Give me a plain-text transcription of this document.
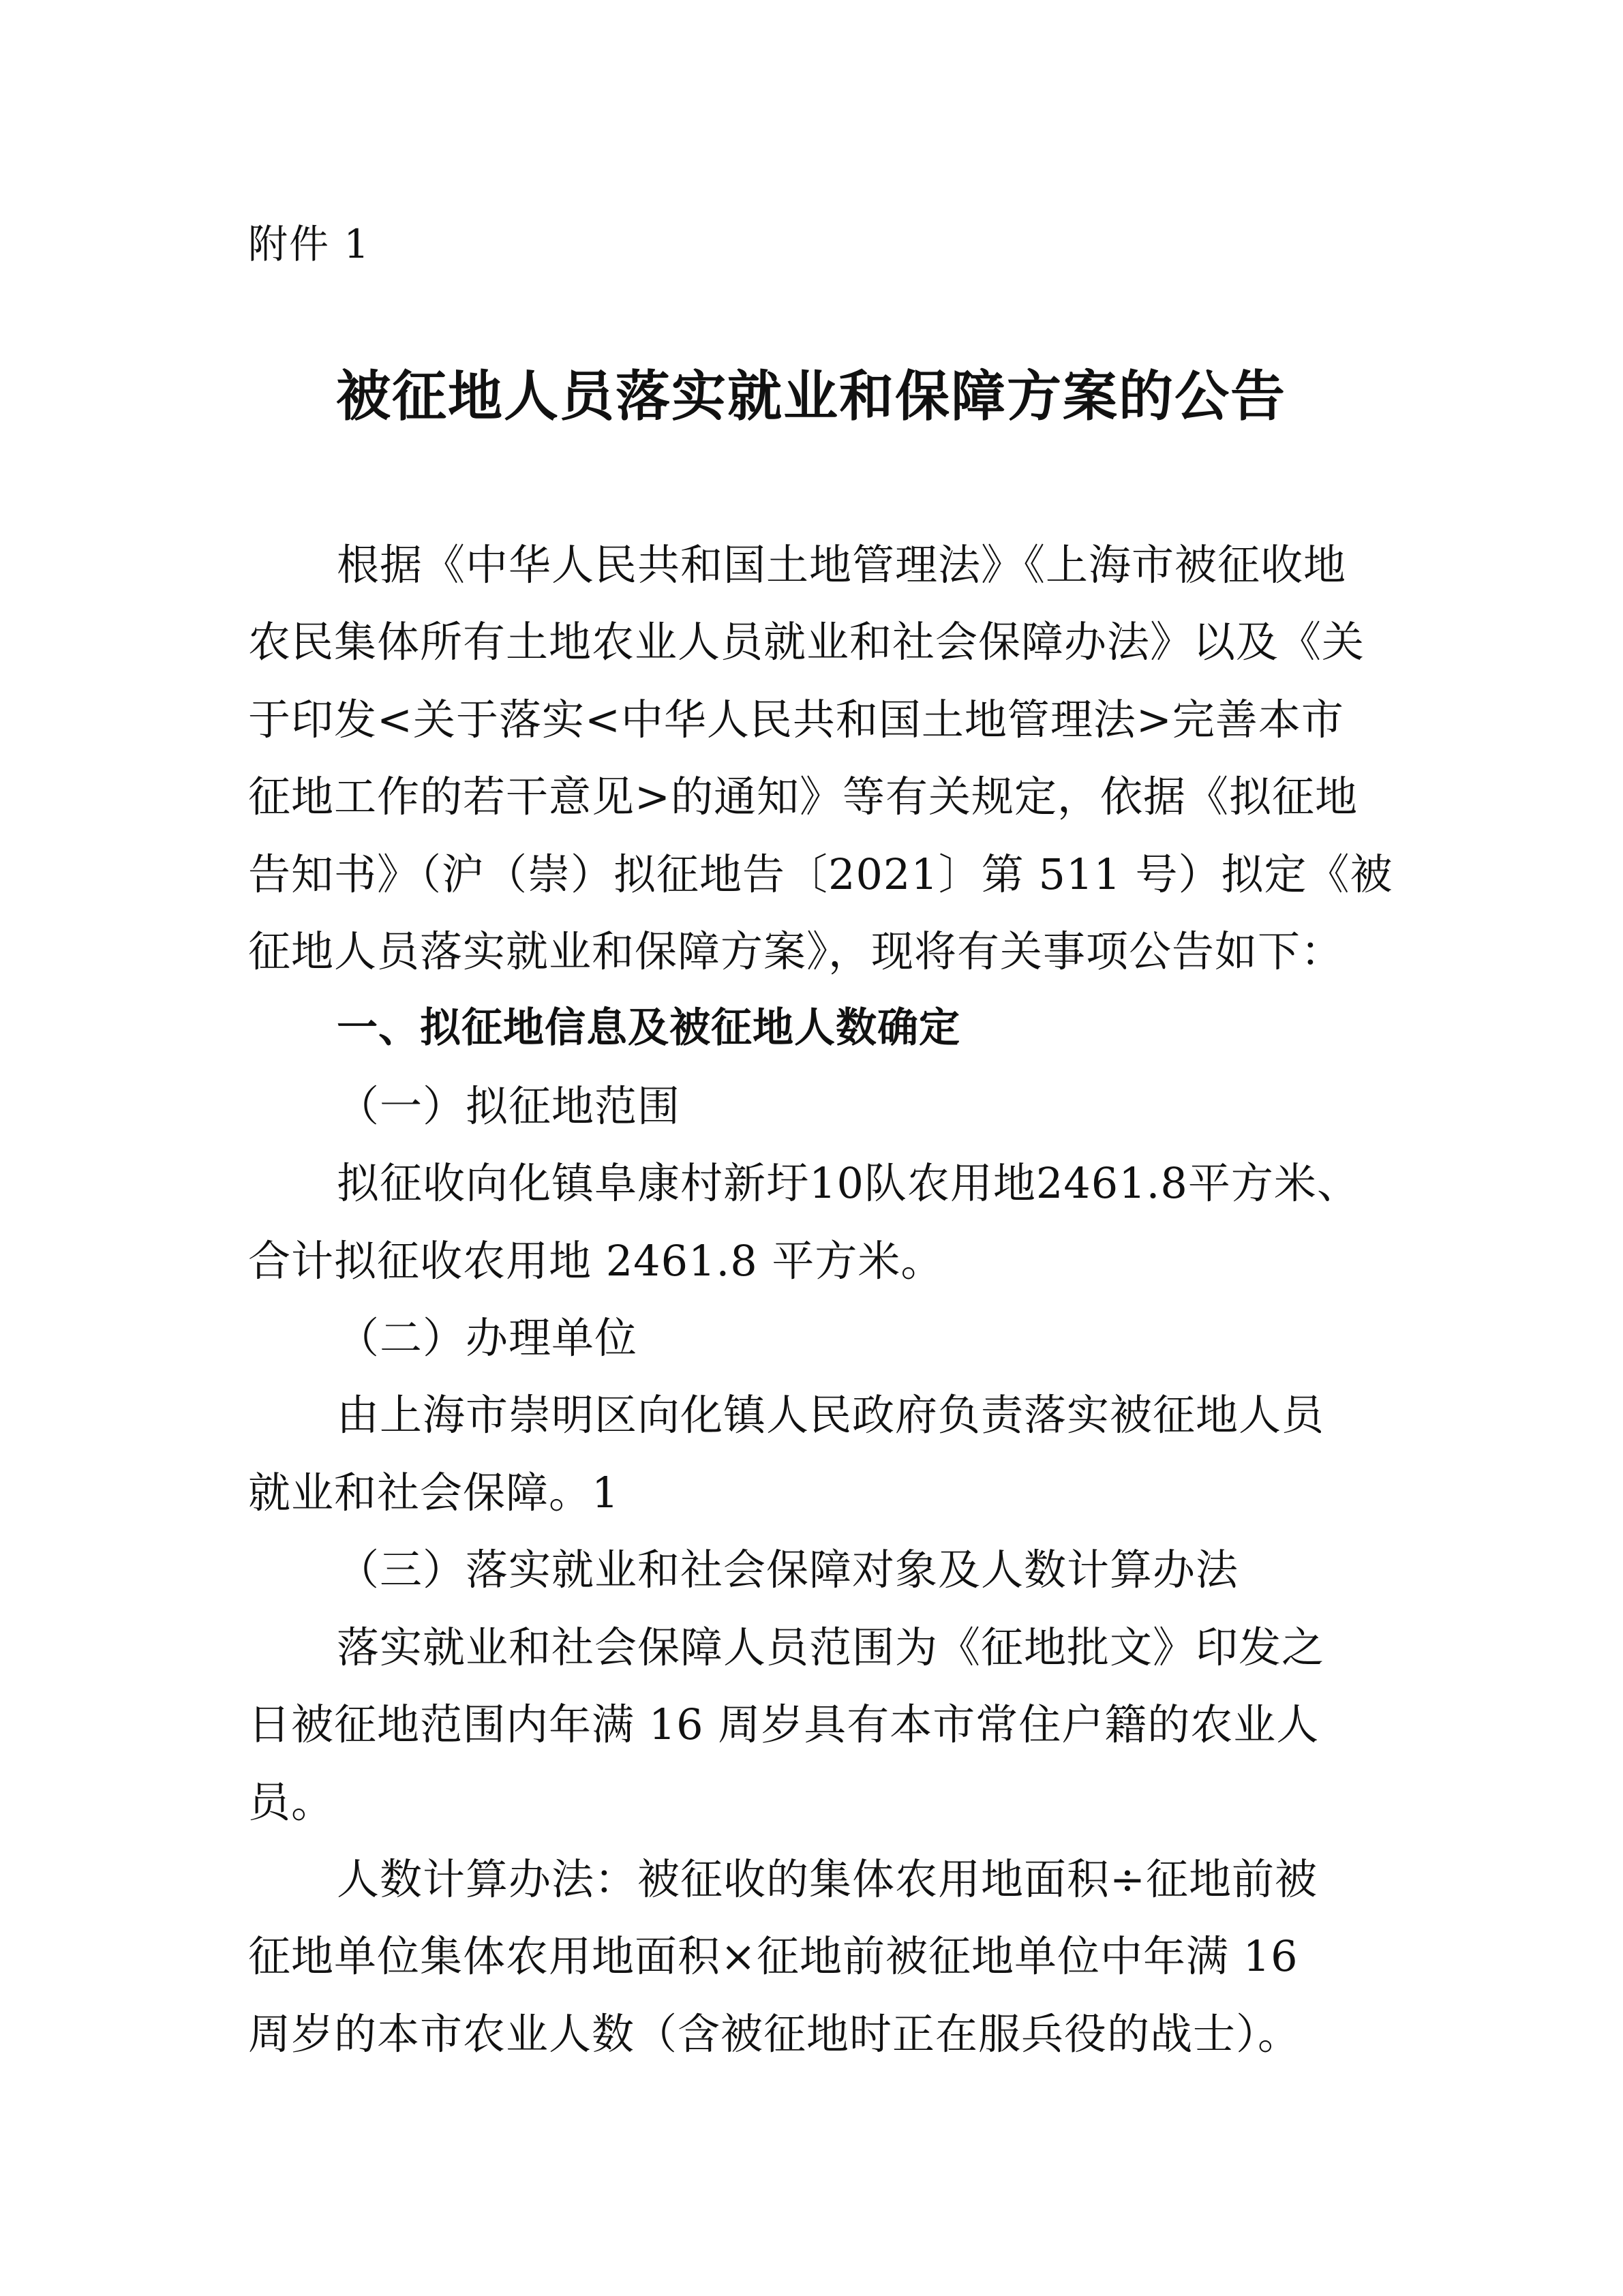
附件 1
被征地人员落实就业和保障方案的公告

根据《中华人民共和国土地管理法》《上海市被征收地
农民集体所有土地农业人员就业和社会保障办法》以及《关
于印发<关于落实<中华人民共和国土地管理法>完善本市
征地工作的若干意见>的通知》等有关规定，依据《拟征地
告知书》（沪（崇）拟征地告〔2021〕第 511 号）拟定《被
征地人员落实就业和保障方案》，现将有关事项公告如下：

一、拟征地信息及被征地人数确定

（一）拟征地范围

拟征收向化镇阜康村新圩10队农用地2461.8平方米、
合计拟征收农用地 2461.8 平方米。

（二）办理单位

由上海市崇明区向化镇人民政府负责落实被征地人员
就业和社会保障。1

（三）落实就业和社会保障对象及人数计算办法

落实就业和社会保障人员范围为《征地批文》印发之
日被征地范围内年满 16 周岁具有本市常住户籍的农业人
员。

人数计算办法：被征收的集体农用地面积÷征地前被
征地单位集体农用地面积×征地前被征地单位中年满 16
周岁的本市农业人数（含被征地时正在服兵役的战士）。
